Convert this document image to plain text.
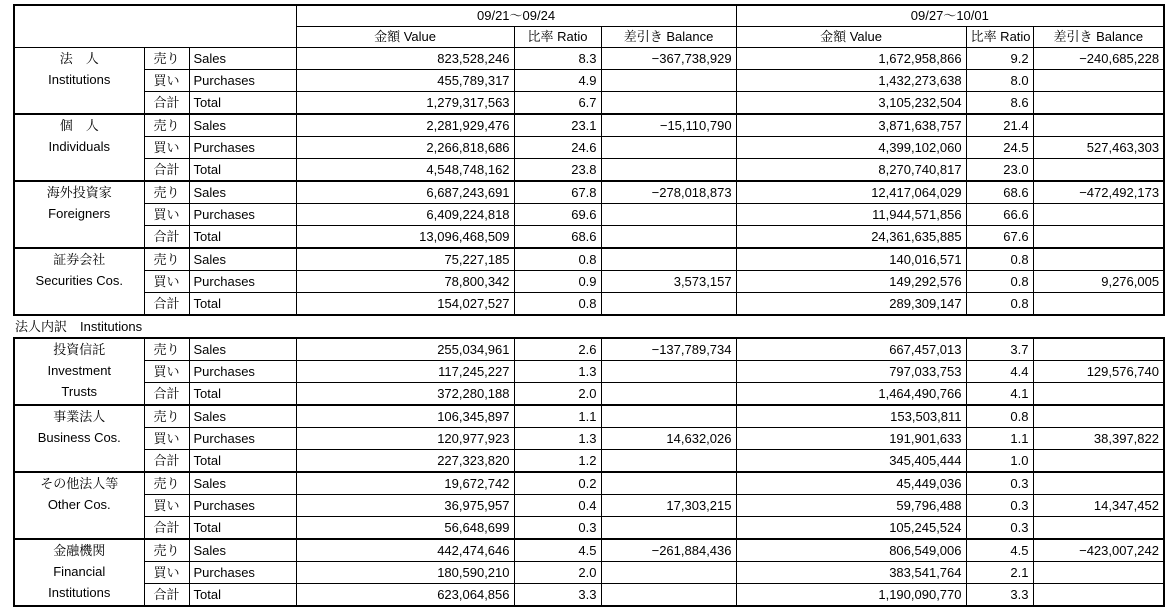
			09/21～09/24			09/27～10/01		
			金額 Value	比率 Ratio	差引き Balance	金額 Value	比率 Ratio	差引き Balance

法　人
Institutions	売り	Sales	823,528,246	8.3	−367,738,929	1,672,958,866	9.2	−240,685,228
	買い	Purchases	455,789,317	4.9		1,432,273,638	8.0	
	合計	Total	1,279,317,563	6.7		3,105,232,504	8.6	

個　人
Individuals	売り	Sales	2,281,929,476	23.1	−15,110,790	3,871,638,757	21.4	
	買い	Purchases	2,266,818,686	24.6		4,399,102,060	24.5	527,463,303
	合計	Total	4,548,748,162	23.8		8,270,740,817	23.0	

海外投資家
Foreigners	売り	Sales	6,687,243,691	67.8	−278,018,873	12,417,064,029	68.6	−472,492,173
	買い	Purchases	6,409,224,818	69.6		11,944,571,856	66.6	
	合計	Total	13,096,468,509	68.6		24,361,635,885	67.6	

証券会社
Securities Cos.	売り	Sales	75,227,185	0.8		140,016,571	0.8	
	買い	Purchases	78,800,342	0.9	3,573,157	149,292,576	0.8	9,276,005
	合計	Total	154,027,527	0.8		289,309,147	0.8	
法人内訳　Institutions
投資信託
Investment
Trusts	売り	Sales	255,034,961	2.6	−137,789,734	667,457,013	3.7	
	買い	Purchases	117,245,227	1.3		797,033,753	4.4	129,576,740
	合計	Total	372,280,188	2.0		1,464,490,766	4.1	

事業法人
Business Cos.	売り	Sales	106,345,897	1.1		153,503,811	0.8	
	買い	Purchases	120,977,923	1.3	14,632,026	191,901,633	1.1	38,397,822
	合計	Total	227,323,820	1.2		345,405,444	1.0	

その他法人等
Other Cos.	売り	Sales	19,672,742	0.2		45,449,036	0.3	
	買い	Purchases	36,975,957	0.4	17,303,215	59,796,488	0.3	14,347,452
	合計	Total	56,648,699	0.3		105,245,524	0.3	

金融機関
Financial
Institutions	売り	Sales	442,474,646	4.5	−261,884,436	806,549,006	4.5	−423,007,242
	買い	Purchases	180,590,210	2.0		383,541,764	2.1	
	合計	Total	623,064,856	3.3		1,190,090,770	3.3	
